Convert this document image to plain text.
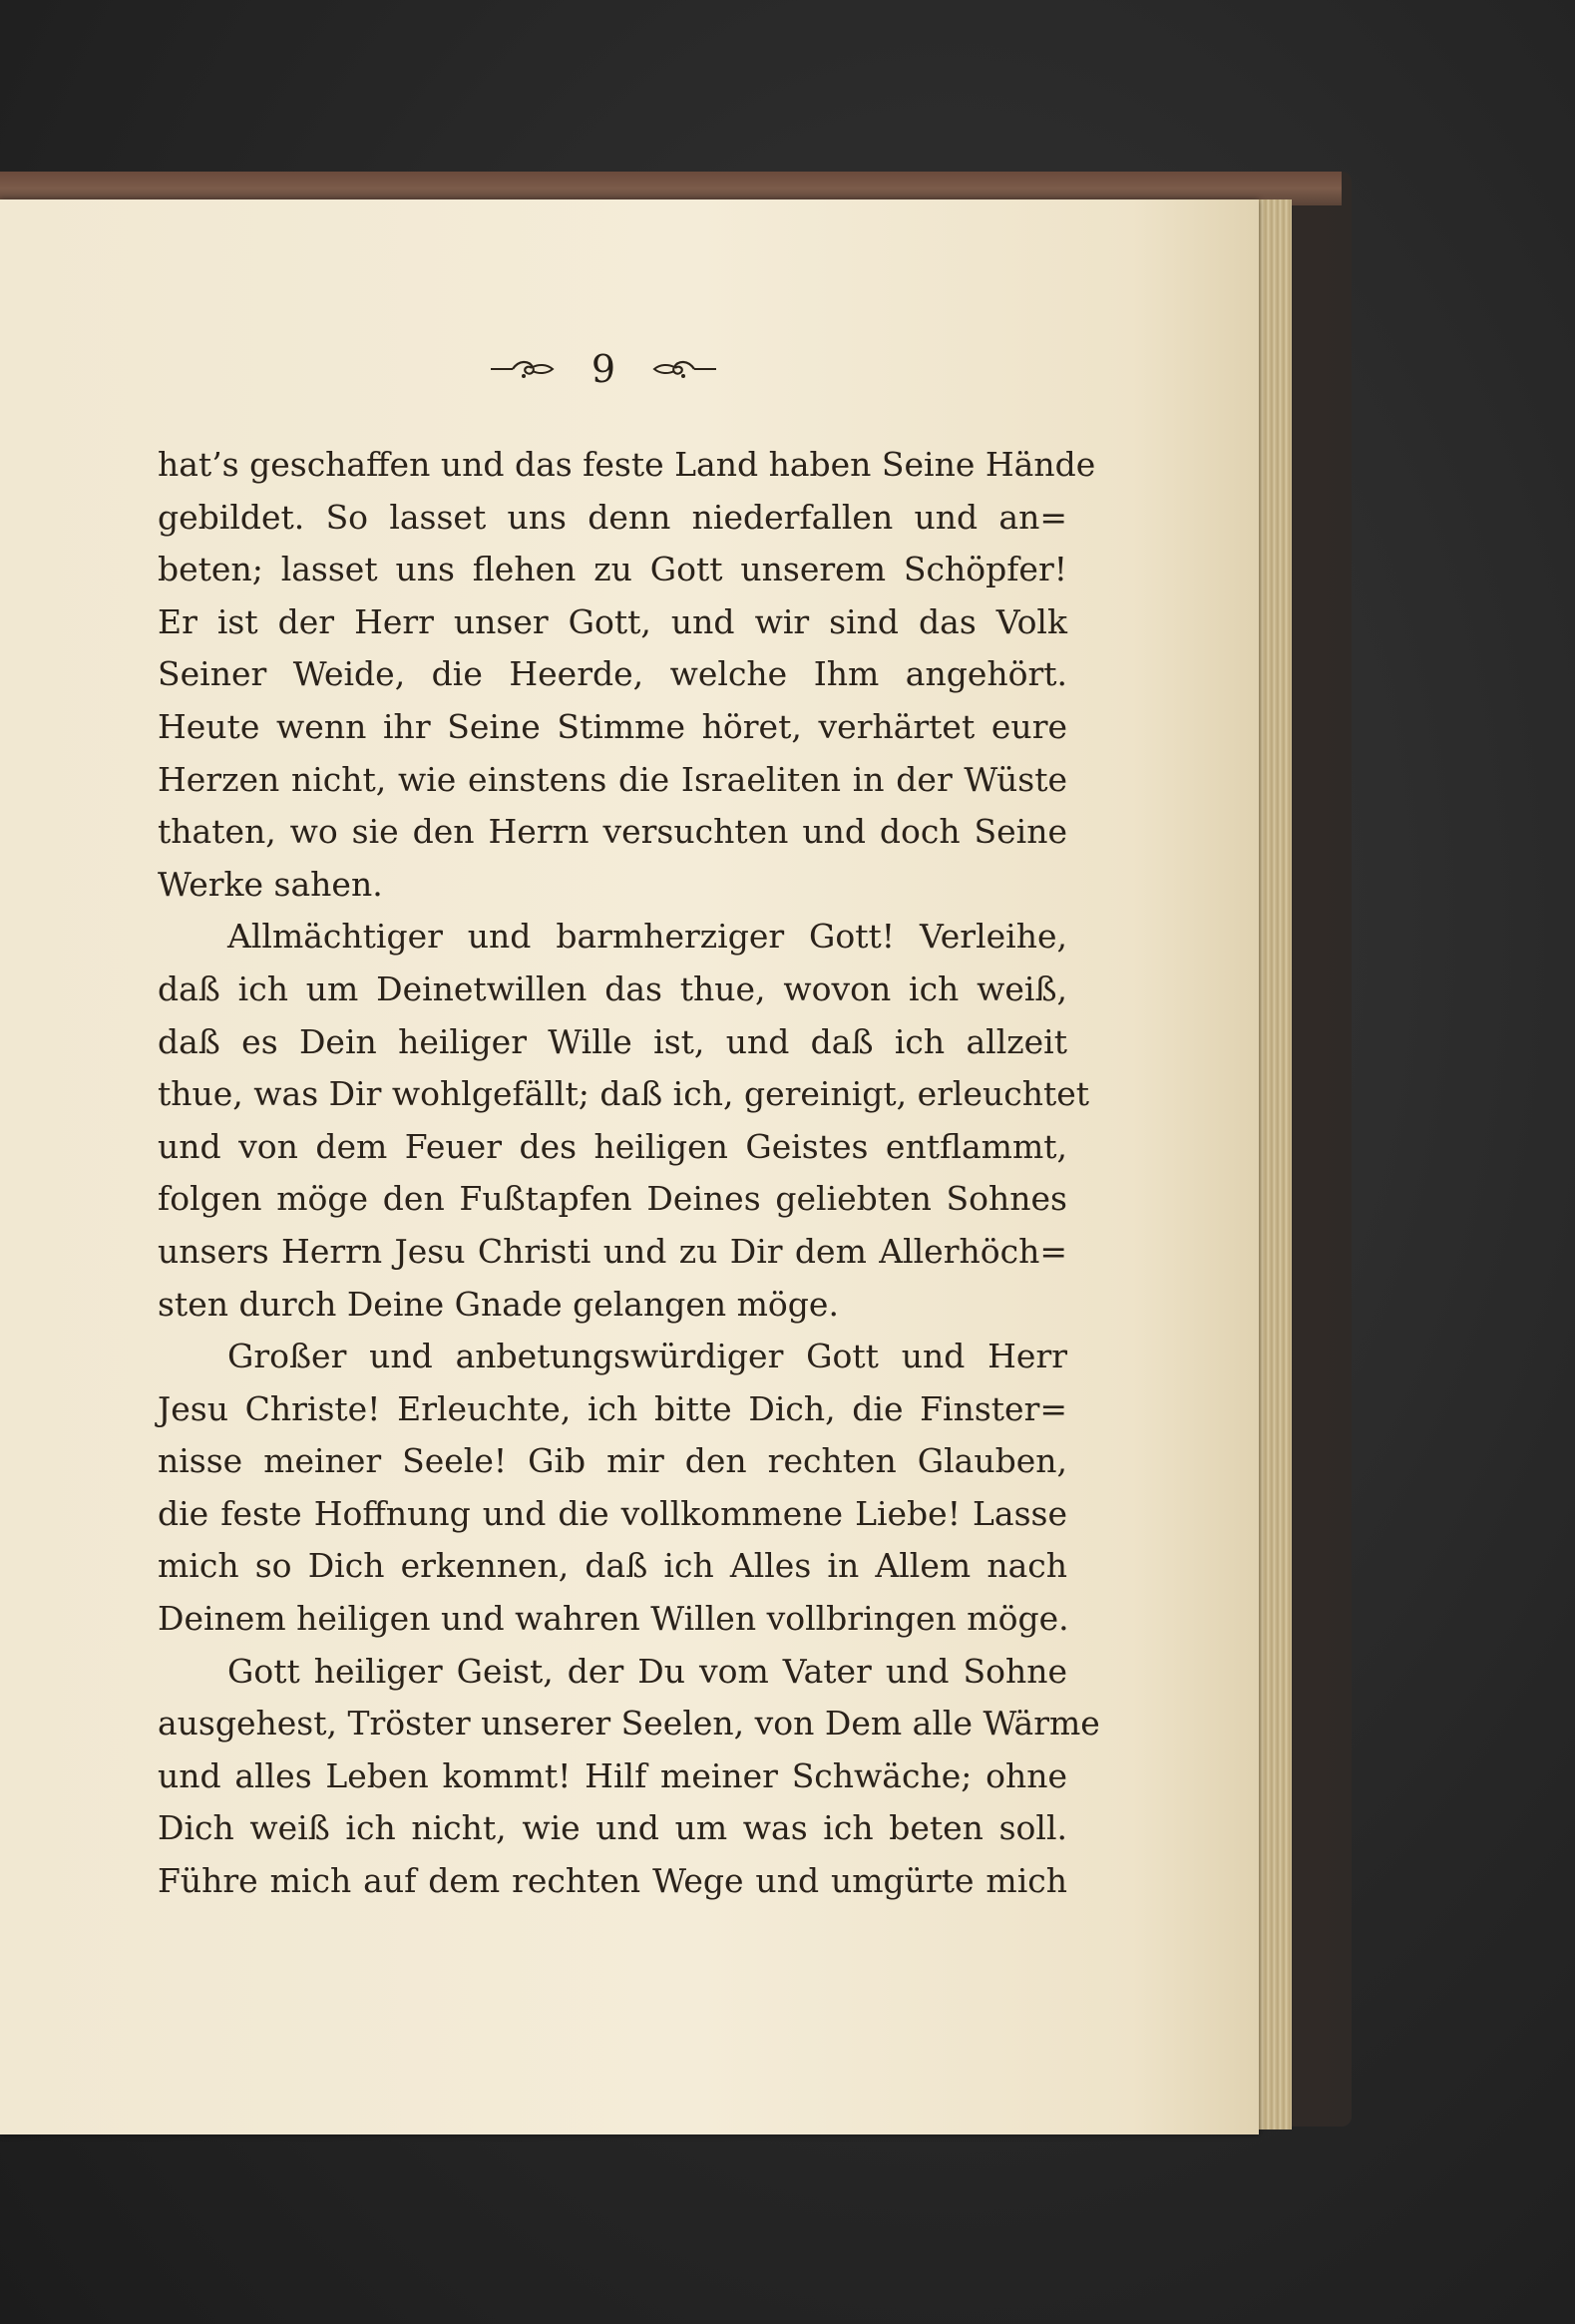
9
hat’s geschaffen und das feste Land haben Seine Hände
gebildet. So lasset uns denn niederfallen und an=
beten; lasset uns flehen zu Gott unserem Schöpfer!
Er ist der Herr unser Gott, und wir sind das Volk
Seiner Weide, die Heerde, welche Ihm angehört.
Heute wenn ihr Seine Stimme höret, verhärtet eure
Herzen nicht, wie einstens die Israeliten in der Wüste
thaten, wo sie den Herrn versuchten und doch Seine
Werke sahen.
Allmächtiger und barmherziger Gott! Verleihe,
daß ich um Deinetwillen das thue, wovon ich weiß,
daß es Dein heiliger Wille ist, und daß ich allzeit
thue, was Dir wohlgefällt; daß ich, gereinigt, erleuchtet
und von dem Feuer des heiligen Geistes entflammt,
folgen möge den Fußtapfen Deines geliebten Sohnes
unsers Herrn Jesu Christi und zu Dir dem Allerhöch=
sten durch Deine Gnade gelangen möge.
Großer und anbetungswürdiger Gott und Herr
Jesu Christe! Erleuchte, ich bitte Dich, die Finster=
nisse meiner Seele! Gib mir den rechten Glauben,
die feste Hoffnung und die vollkommene Liebe! Lasse
mich so Dich erkennen, daß ich Alles in Allem nach
Deinem heiligen und wahren Willen vollbringen möge.
Gott heiliger Geist, der Du vom Vater und Sohne
ausgehest, Tröster unserer Seelen, von Dem alle Wärme
und alles Leben kommt! Hilf meiner Schwäche; ohne
Dich weiß ich nicht, wie und um was ich beten soll.
Führe mich auf dem rechten Wege und umgürte mich
